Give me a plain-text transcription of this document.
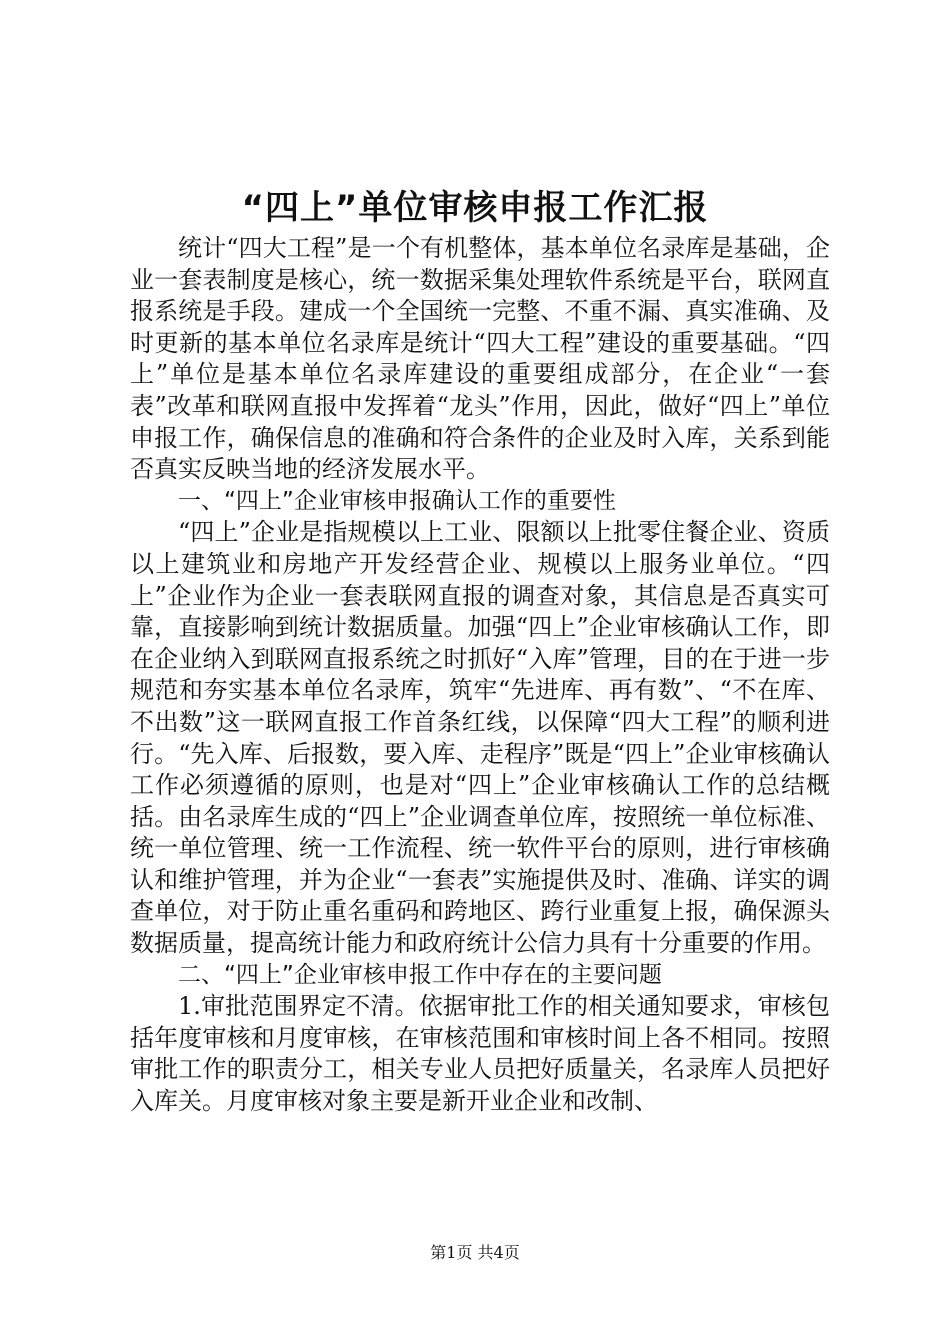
“四上”单位审核申报工作汇报

统计“四大工程”是一个有机整体，基本单位名录库是基础，企业一套表制度是核心，统一数据采集处理软件系统是平台，联网直报系统是手段。建成一个全国统一完整、不重不漏、真实准确、及时更新的基本单位名录库是统计“四大工程”建设的重要基础。“四上”单位是基本单位名录库建设的重要组成部分，在企业“一套表”改革和联网直报中发挥着“龙头”作用，因此，做好“四上”单位申报工作，确保信息的准确和符合条件的企业及时入库，关系到能否真实反映当地的经济发展水平。

一、“四上”企业审核申报确认工作的重要性

“四上”企业是指规模以上工业、限额以上批零住餐企业、资质以上建筑业和房地产开发经营企业、规模以上服务业单位。“四上”企业作为企业一套表联网直报的调查对象，其信息是否真实可靠，直接影响到统计数据质量。加强“四上”企业审核确认工作，即在企业纳入到联网直报系统之时抓好“入库”管理，目的在于进一步规范和夯实基本单位名录库，筑牢“先进库、再有数”、“不在库、不出数”这一联网直报工作首条红线，以保障“四大工程”的顺利进行。“先入库、后报数，要入库、走程序”既是“四上”企业审核确认工作必须遵循的原则，也是对“四上”企业审核确认工作的总结概括。由名录库生成的“四上”企业调查单位库，按照统一单位标准、统一单位管理、统一工作流程、统一软件平台的原则，进行审核确认和维护管理，并为企业“一套表”实施提供及时、准确、详实的调查单位，对于防止重名重码和跨地区、跨行业重复上报，确保源头数据质量，提高统计能力和政府统计公信力具有十分重要的作用。

二、“四上”企业审核申报工作中存在的主要问题

1.审批范围界定不清。依据审批工作的相关通知要求，审核包括年度审核和月度审核，在审核范围和审核时间上各不相同。按照审批工作的职责分工，相关专业人员把好质量关，名录库人员把好入库关。月度审核对象主要是新开业企业和改制、

第1页 共4页
